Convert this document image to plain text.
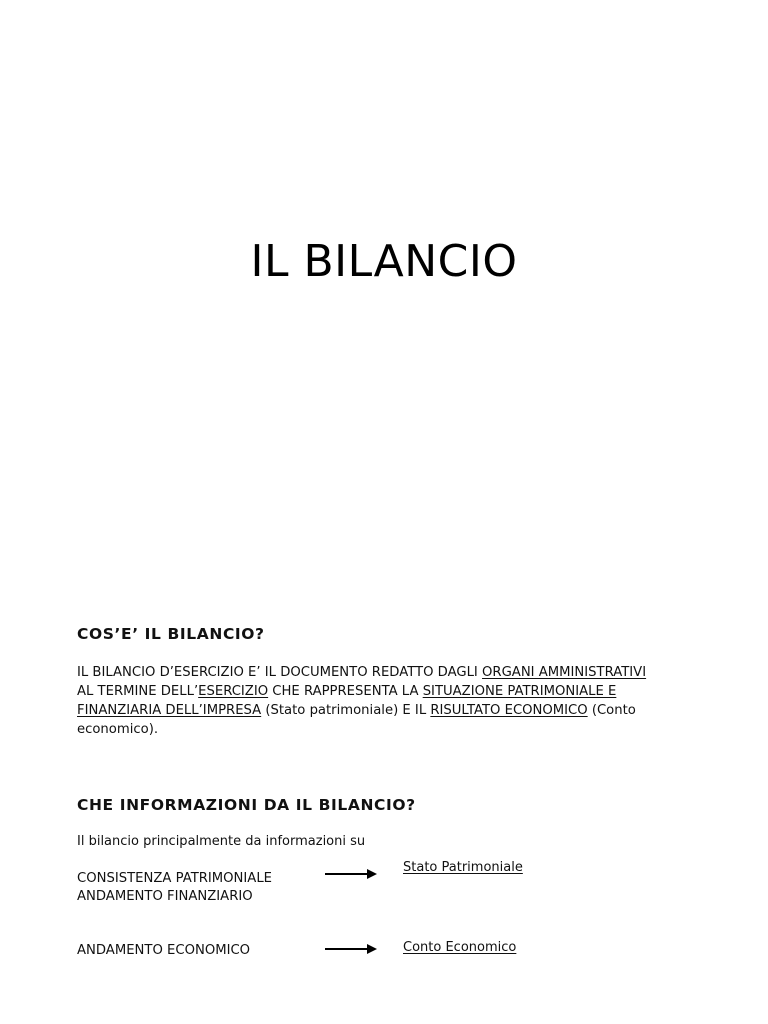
IL BILANCIO
COS’E’ IL BILANCIO?
IL BILANCIO D’ESERCIZIO E’ IL DOCUMENTO REDATTO DAGLI ORGANI AMMINISTRATIVI AL TERMINE DELL’ESERCIZIO CHE RAPPRESENTA LA SITUAZIONE PATRIMONIALE E FINANZIARIA DELL’IMPRESA (Stato patrimoniale) E IL RISULTATO ECONOMICO (Conto economico).
CHE INFORMAZIONI DA IL BILANCIO?
Il bilancio principalmente da informazioni su
CONSISTENZA PATRIMONIALE
ANDAMENTO FINANZIARIO
Stato Patrimoniale
ANDAMENTO ECONOMICO	Conto Economico
